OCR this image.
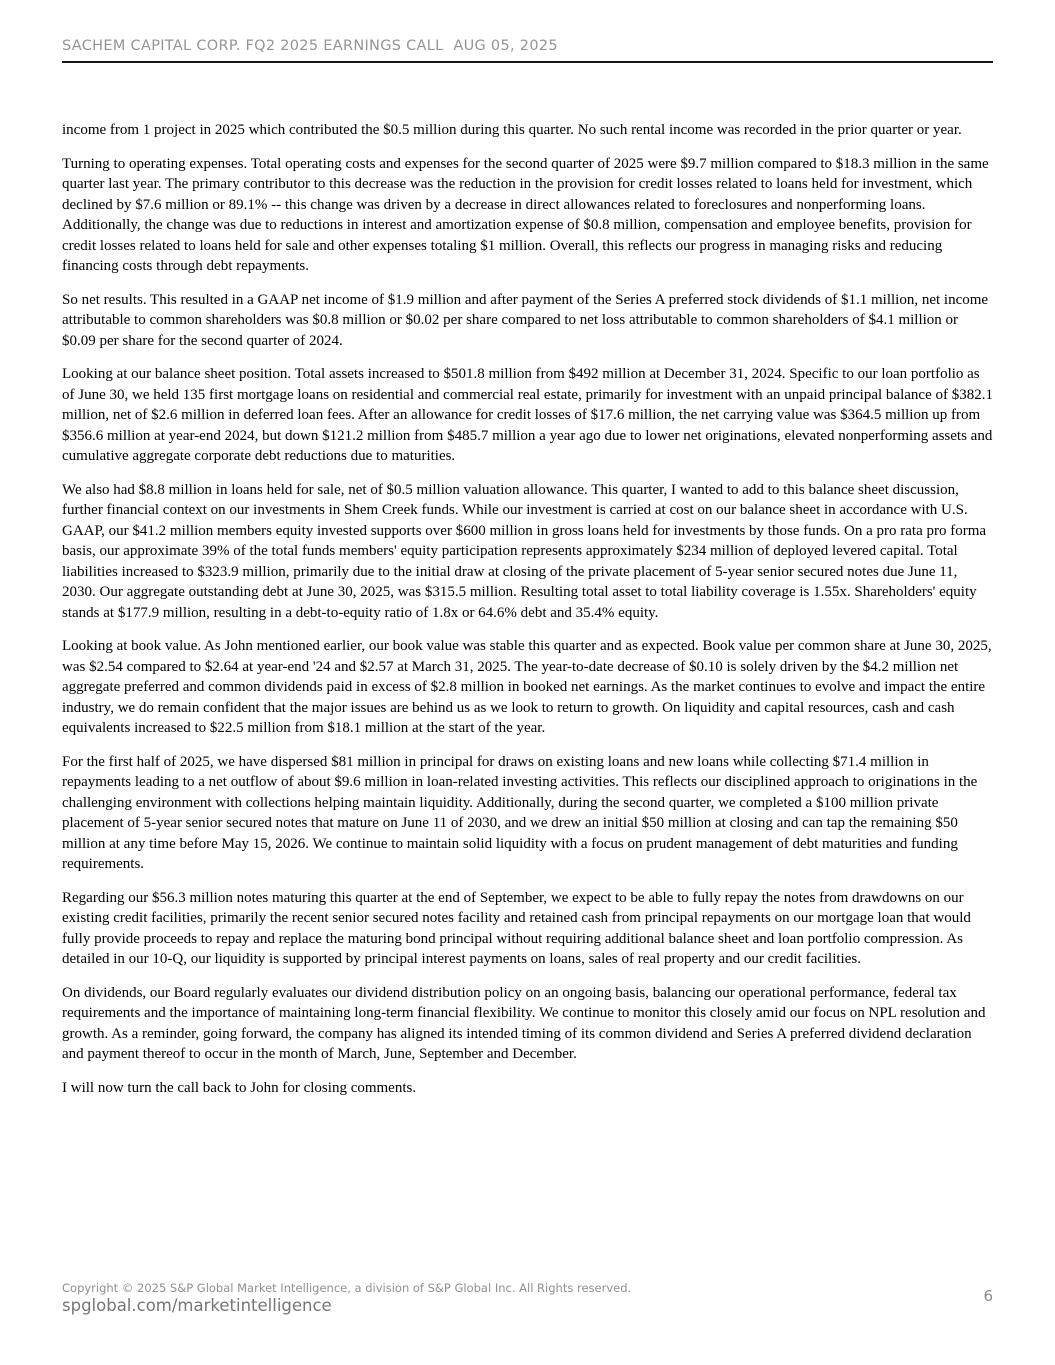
SACHEM CAPITAL CORP. FQ2 2025 EARNINGS CALL  AUG 05, 2025

income from 1 project in 2025 which contributed the $0.5 million during this quarter. No such rental income was recorded in the prior quarter or year.

Turning to operating expenses. Total operating costs and expenses for the second quarter of 2025 were $9.7 million compared to $18.3 million in the same quarter last year. The primary contributor to this decrease was the reduction in the provision for credit losses related to loans held for investment, which declined by $7.6 million or 89.1% -- this change was driven by a decrease in direct allowances related to foreclosures and nonperforming loans. Additionally, the change was due to reductions in interest and amortization expense of $0.8 million, compensation and employee benefits, provision for credit losses related to loans held for sale and other expenses totaling $1 million. Overall, this reflects our progress in managing risks and reducing financing costs through debt repayments.

So net results. This resulted in a GAAP net income of $1.9 million and after payment of the Series A preferred stock dividends of $1.1 million, net income attributable to common shareholders was $0.8 million or $0.02 per share compared to net loss attributable to common shareholders of $4.1 million or $0.09 per share for the second quarter of 2024.

Looking at our balance sheet position. Total assets increased to $501.8 million from $492 million at December 31, 2024. Specific to our loan portfolio as of June 30, we held 135 first mortgage loans on residential and commercial real estate, primarily for investment with an unpaid principal balance of $382.1 million, net of $2.6 million in deferred loan fees. After an allowance for credit losses of $17.6 million, the net carrying value was $364.5 million up from $356.6 million at year-end 2024, but down $121.2 million from $485.7 million a year ago due to lower net originations, elevated nonperforming assets and cumulative aggregate corporate debt reductions due to maturities.

We also had $8.8 million in loans held for sale, net of $0.5 million valuation allowance. This quarter, I wanted to add to this balance sheet discussion, further financial context on our investments in Shem Creek funds. While our investment is carried at cost on our balance sheet in accordance with U.S. GAAP, our $41.2 million members equity invested supports over $600 million in gross loans held for investments by those funds. On a pro rata pro forma basis, our approximate 39% of the total funds members' equity participation represents approximately $234 million of deployed levered capital. Total liabilities increased to $323.9 million, primarily due to the initial draw at closing of the private placement of 5-year senior secured notes due June 11, 2030. Our aggregate outstanding debt at June 30, 2025, was $315.5 million. Resulting total asset to total liability coverage is 1.55x. Shareholders' equity stands at $177.9 million, resulting in a debt-to-equity ratio of 1.8x or 64.6% debt and 35.4% equity.

Looking at book value. As John mentioned earlier, our book value was stable this quarter and as expected. Book value per common share at June 30, 2025, was $2.54 compared to $2.64 at year-end '24 and $2.57 at March 31, 2025. The year-to-date decrease of $0.10 is solely driven by the $4.2 million net aggregate preferred and common dividends paid in excess of $2.8 million in booked net earnings. As the market continues to evolve and impact the entire industry, we do remain confident that the major issues are behind us as we look to return to growth. On liquidity and capital resources, cash and cash equivalents increased to $22.5 million from $18.1 million at the start of the year.

For the first half of 2025, we have dispersed $81 million in principal for draws on existing loans and new loans while collecting $71.4 million in repayments leading to a net outflow of about $9.6 million in loan-related investing activities. This reflects our disciplined approach to originations in the challenging environment with collections helping maintain liquidity. Additionally, during the second quarter, we completed a $100 million private placement of 5-year senior secured notes that mature on June 11 of 2030, and we drew an initial $50 million at closing and can tap the remaining $50 million at any time before May 15, 2026. We continue to maintain solid liquidity with a focus on prudent management of debt maturities and funding requirements.

Regarding our $56.3 million notes maturing this quarter at the end of September, we expect to be able to fully repay the notes from drawdowns on our existing credit facilities, primarily the recent senior secured notes facility and retained cash from principal repayments on our mortgage loan that would fully provide proceeds to repay and replace the maturing bond principal without requiring additional balance sheet and loan portfolio compression. As detailed in our 10-Q, our liquidity is supported by principal interest payments on loans, sales of real property and our credit facilities.

On dividends, our Board regularly evaluates our dividend distribution policy on an ongoing basis, balancing our operational performance, federal tax requirements and the importance of maintaining long-term financial flexibility. We continue to monitor this closely amid our focus on NPL resolution and growth. As a reminder, going forward, the company has aligned its intended timing of its common dividend and Series A preferred dividend declaration and payment thereof to occur in the month of March, June, September and December.

I will now turn the call back to John for closing comments.

Copyright © 2025 S&P Global Market Intelligence, a division of S&P Global Inc. All Rights reserved.
spglobal.com/marketintelligence	6
